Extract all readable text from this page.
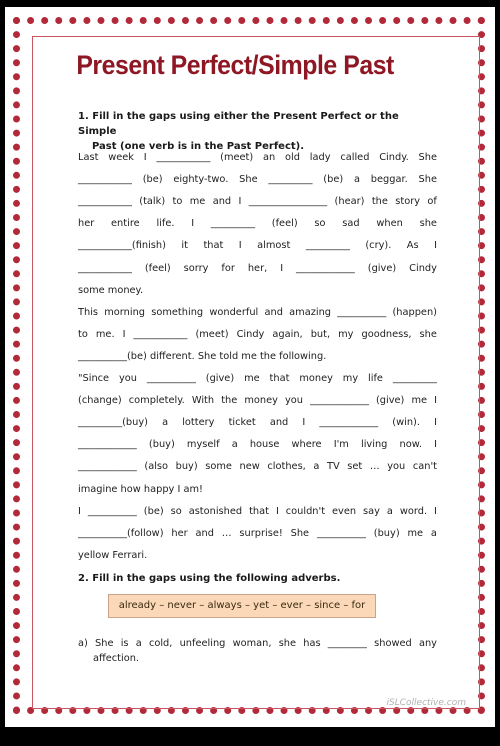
Present Perfect/Simple Past
1. Fill in the gaps using either the Present Perfect or the Simple
Past (one verb is in the Past Perfect).
Last week I ___________ (meet) an old lady called Cindy. She
___________ (be) eighty-two. She _________ (be) a beggar. She
___________ (talk) to me and I ________________ (hear) the story of
her entire life. I _________ (feel) so sad when she
___________(finish) it that I almost _________ (cry). As I
___________ (feel) sorry for her, I ____________ (give) Cindy
some money.
This morning something wonderful and amazing __________ (happen)
to me. I ___________ (meet) Cindy again, but, my goodness, she
__________(be) different. She told me the following.
"Since you __________ (give) me that money my life _________
(change) completely. With the money you ____________ (give) me I
_________(buy) a lottery ticket and I ____________ (win). I
____________ (buy) myself a house where I'm living now. I
____________ (also buy) some new clothes, a TV set … you can't
imagine how happy I am!
I __________ (be) so astonished that I couldn't even say a word. I
__________(follow) her and … surprise! She __________ (buy) me a
yellow Ferrari.
2. Fill in the gaps using the following adverbs.
already – never – always – yet – ever – since – for
a) She is a cold, unfeeling woman, she has ________ showed any
affection.
iSLCollective.com
